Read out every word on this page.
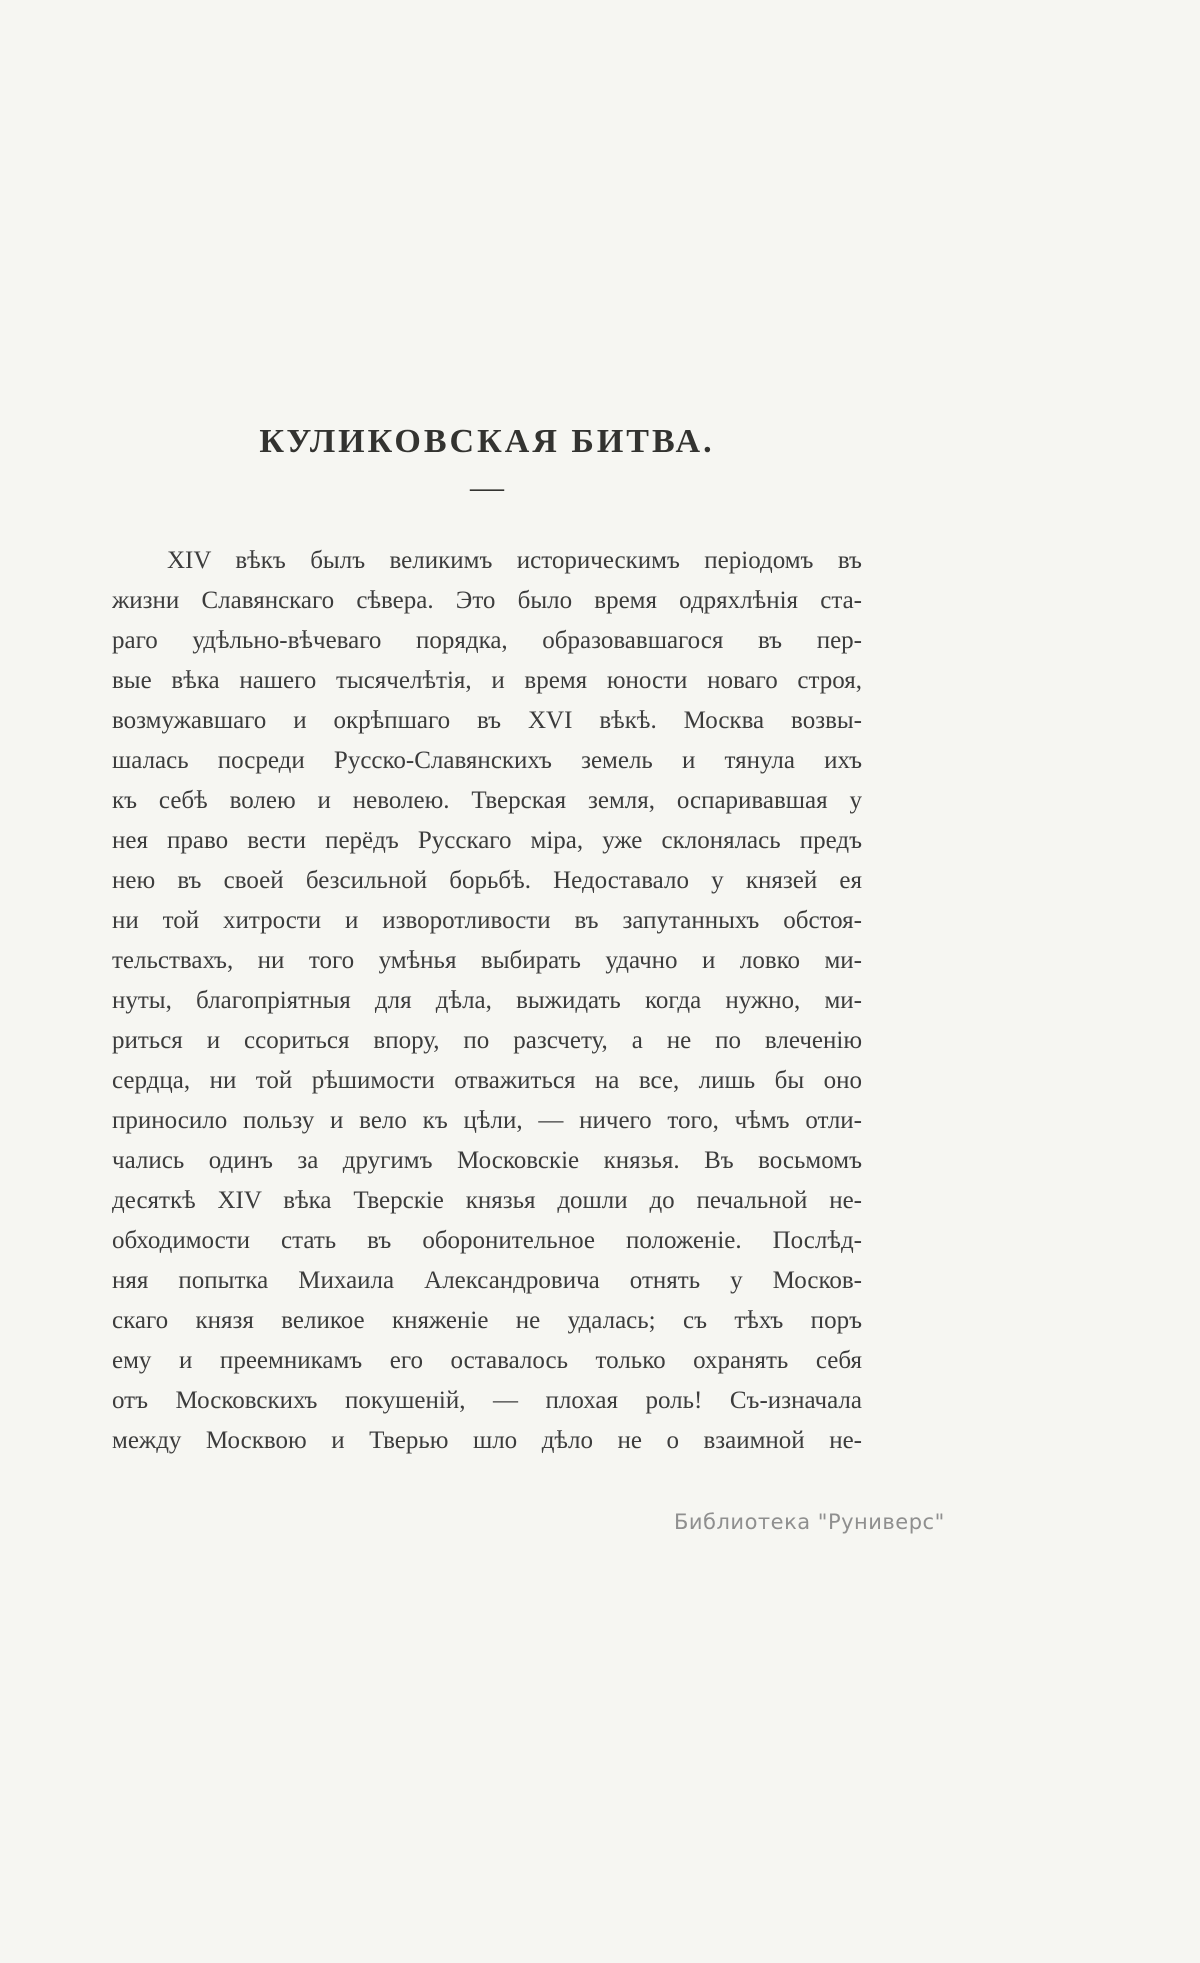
КУЛИКОВСКАЯ БИТВА.
—
XIV вѣкъ былъ великимъ историческимъ періодомъ въ
жизни Славянскаго сѣвера. Это было время одряхлѣнія ста-
раго удѣльно-вѣчеваго порядка, образовавшагося въ пер-
вые вѣка нашего тысячелѣтія, и время юности новаго строя,
возмужавшаго и окрѣпшаго въ XVI вѣкѣ. Москва возвы-
шалась посреди Русско-Славянскихъ земель и тянула ихъ
къ себѣ волею и неволею. Тверская земля, оспаривавшая у
нея право вести перёдъ Русскаго міра, уже склонялась предъ
нею въ своей безсильной борьбѣ. Недоставало у князей ея
ни той хитрости и изворотливости въ запутанныхъ обстоя-
тельствахъ, ни того умѣнья выбирать удачно и ловко ми-
нуты, благопріятныя для дѣла, выжидать когда нужно, ми-
риться и ссориться впору, по разсчету, а не по влеченію
сердца, ни той рѣшимости отважиться на все, лишь бы оно
приносило пользу и вело къ цѣли, — ничего того, чѣмъ отли-
чались одинъ за другимъ Московскіе князья. Въ восьмомъ
десяткѣ XIV вѣка Тверскіе князья дошли до печальной не-
обходимости стать въ оборонительное положеніе. Послѣд-
няя попытка Михаила Александровича отнять у Москов-
скаго князя великое княженіе не удалась; съ тѣхъ поръ
ему и преемникамъ его оставалось только охранять себя
отъ Московскихъ покушеній, — плохая роль! Съ-изначала
между Москвою и Тверью шло дѣло не о взаимной не-
Библиотека "Руниверс"
